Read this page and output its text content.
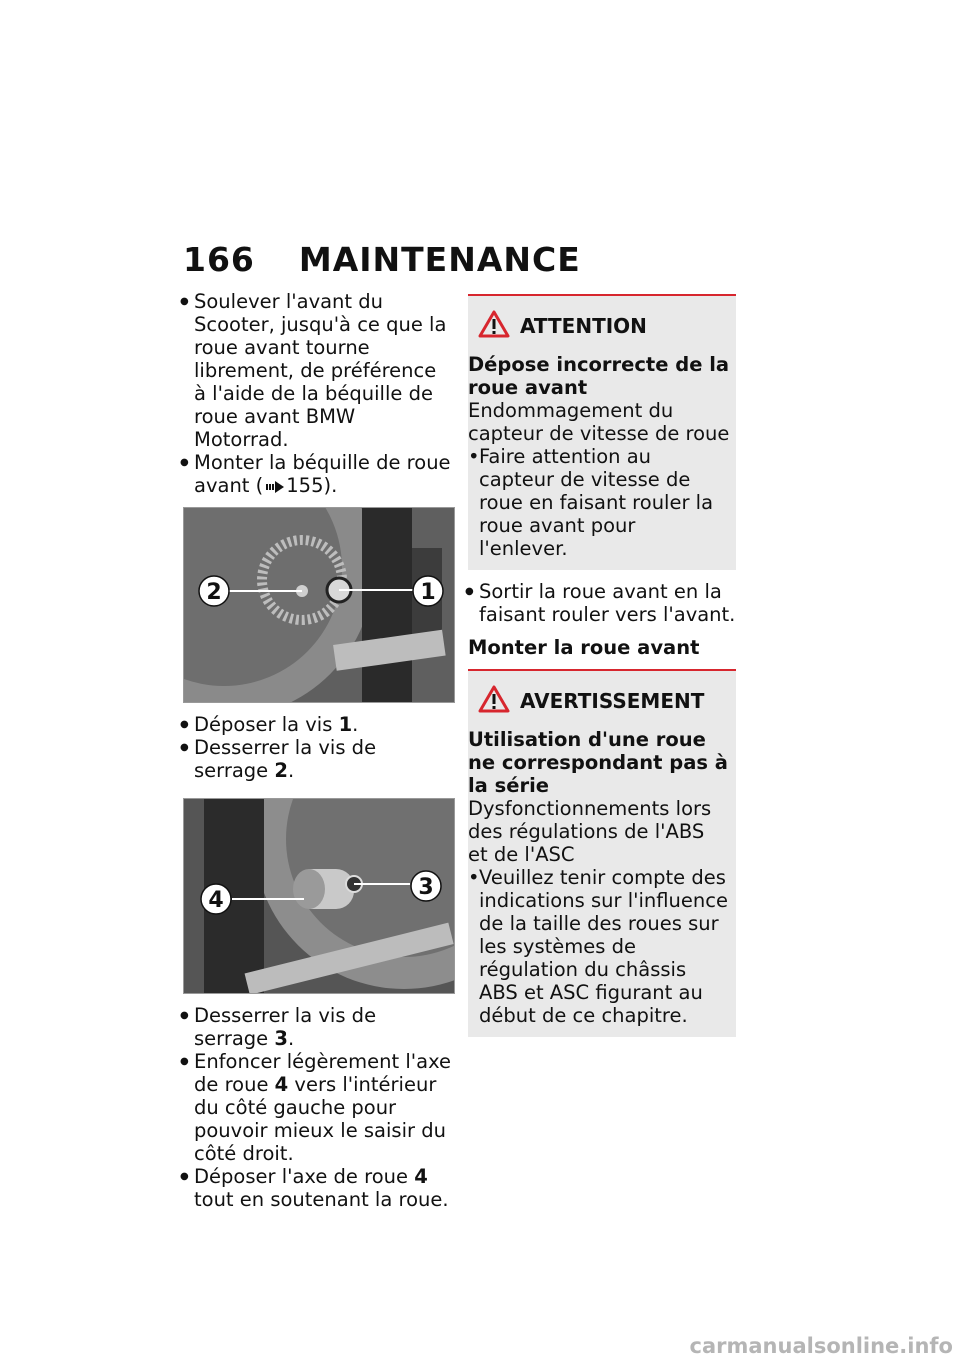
166 MAINTENANCE

● Soulever l'avant du Scooter, jusqu'à ce que la roue avant tourne librement, de préférence à l'aide de la béquille de roue avant BMW Motorrad.

● Monter la béquille de roue avant ( 155).

2	1

● Déposer la vis 1.

● Desserrer la vis de serrage 2.

4
3

● Desserrer la vis de serrage 3.

● Enfoncer légèrement l'axe de roue 4 vers l'intérieur du côté gauche pour pouvoir mieux le saisir du côté droit.

● Déposer l'axe de roue 4 tout en soutenant la roue.

ATTENTION

Dépose incorrecte de la roue avant

Endommagement du capteur de vitesse de roue

• Faire attention au capteur de vitesse de roue en faisant rouler la roue avant pour l'enlever.

● Sortir la roue avant en la faisant rouler vers l'avant.

Monter la roue avant

AVERTISSEMENT

Utilisation d'une roue ne correspondant pas à la série

Dysfonctionnements lors des régulations de l'ABS et de l'ASC

• Veuillez tenir compte des indications sur l'influence de la taille des roues sur les systèmes de régulation du châssis ABS et ASC figurant au début de ce chapitre.

carmanualsonline.info
